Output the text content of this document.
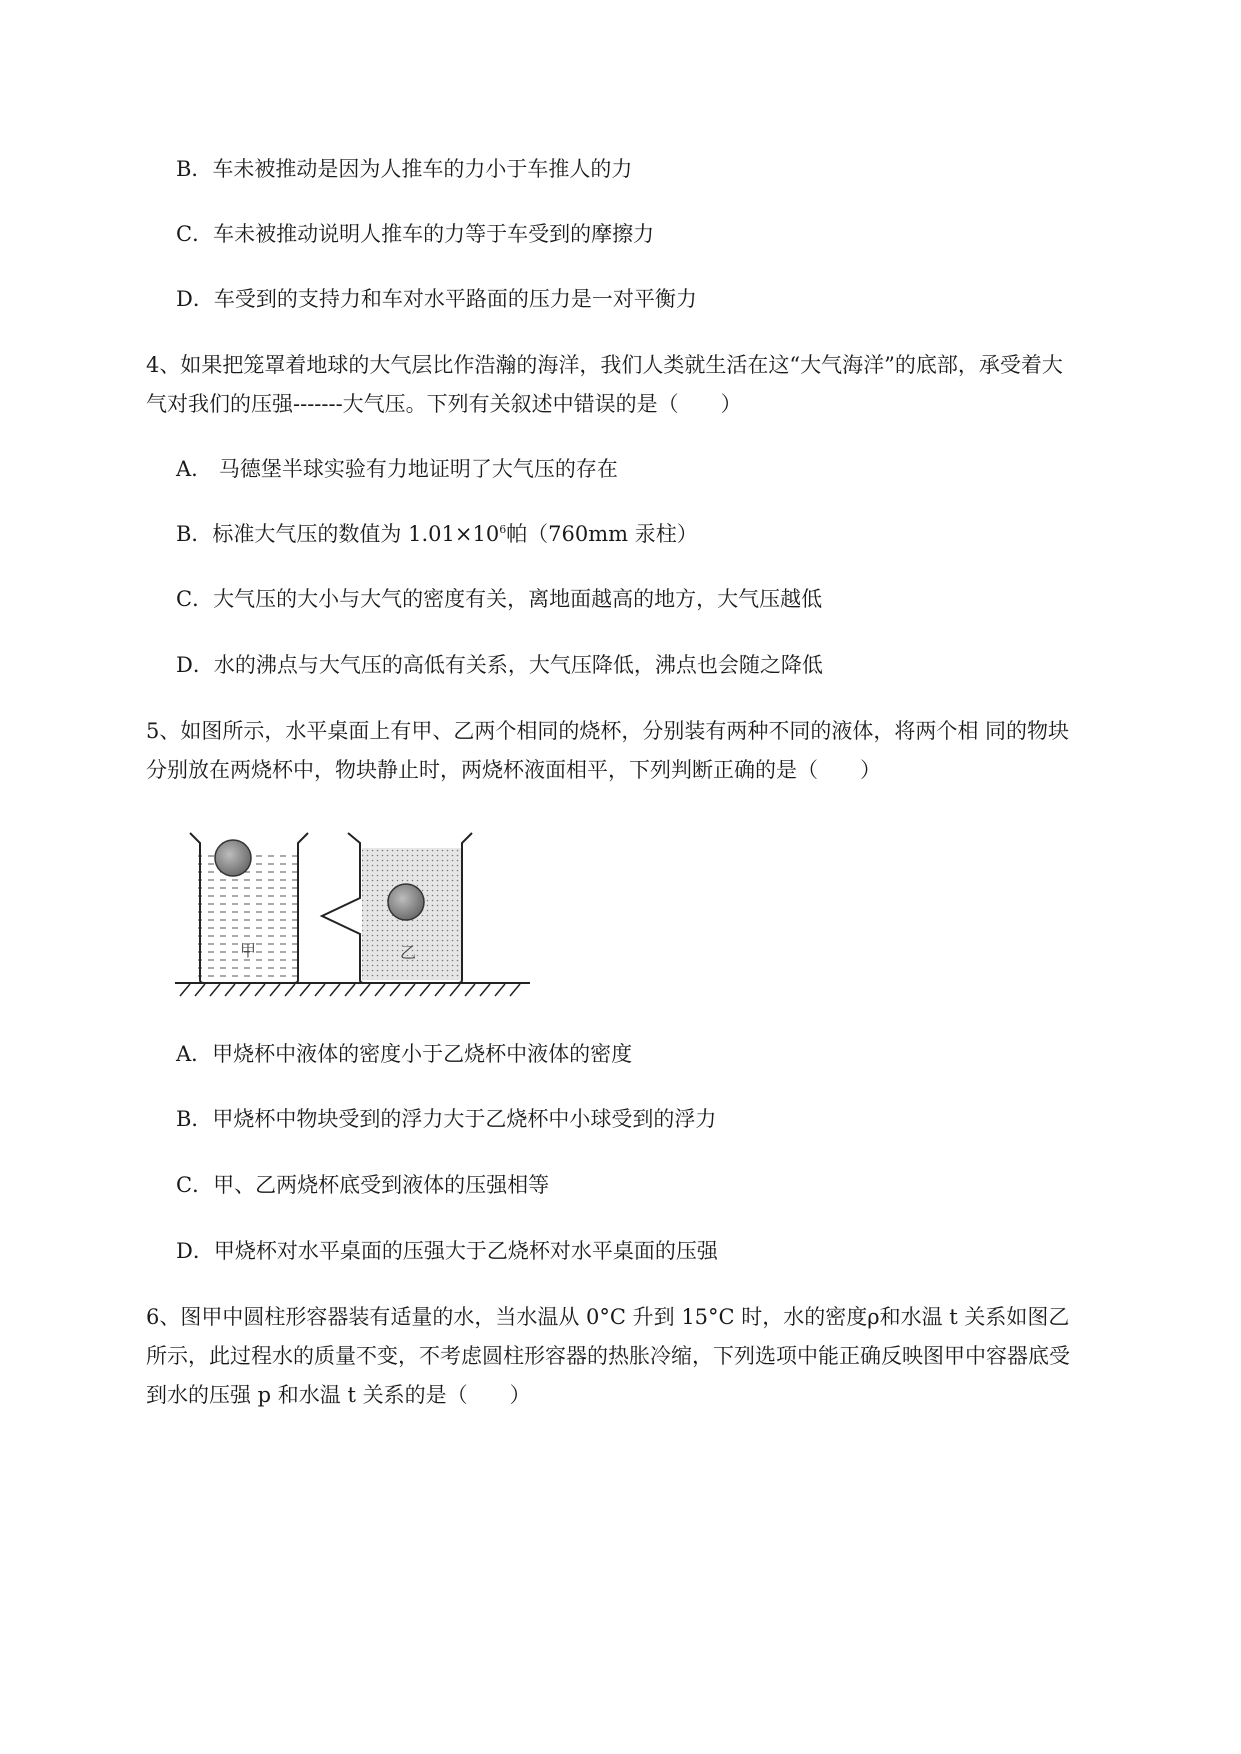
B．车未被推动是因为人推车的力小于车推人的力
C．车未被推动说明人推车的力等于车受到的摩擦力
D．车受到的支持力和车对水平路面的压力是一对平衡力
4、如果把笼罩着地球的大气层比作浩瀚的海洋，我们人类就生活在这“大气海洋”的底部，承受着大
气对我们的压强-------大气压。下列有关叙述中错误的是（　　）
A.　马德堡半球实验有力地证明了大气压的存在
B．标准大气压的数值为 $1.01\times 10^6$帕（760mm 汞柱）
C．大气压的大小与大气的密度有关，离地面越高的地方，大气压越低
D．水的沸点与大气压的高低有关系，大气压降低，沸点也会随之降低
5、如图所示，水平桌面上有甲、乙两个相同的烧杯，分别装有两种不同的液体，将两个相 同的物块
分别放在两烧杯中，物块静止时，两烧杯液面相平，下列判断正确的是（　　）
甲	乙
A．甲烧杯中液体的密度小于乙烧杯中液体的密度
B．甲烧杯中物块受到的浮力大于乙烧杯中小球受到的浮力
C．甲、乙两烧杯底受到液体的压强相等
D．甲烧杯对水平桌面的压强大于乙烧杯对水平桌面的压强
6、图甲中圆柱形容器装有适量的水，当水温从 0°C 升到 15°C 时，水的密度ρ和水温 t 关系如图乙
所示，此过程水的质量不变，不考虑圆柱形容器的热胀冷缩，下列选项中能正确反映图甲中容器底受
到水的压强 p 和水温 t 关系的是（　　）
